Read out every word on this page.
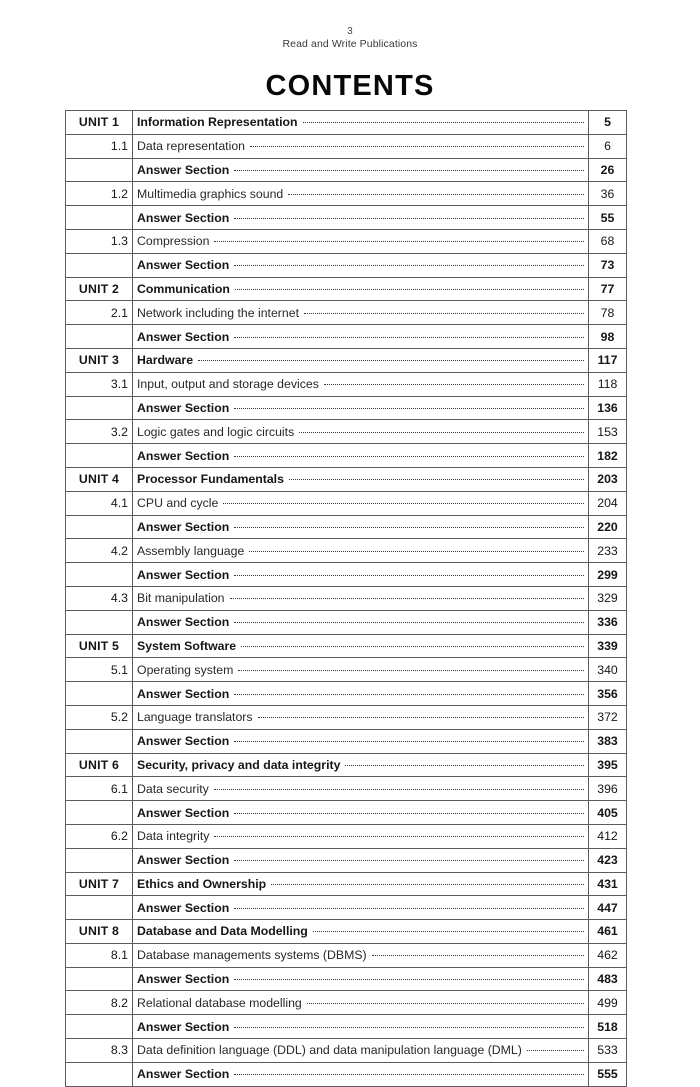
3
Read and Write Publications
CONTENTS
UNIT 1	Information Representation	5
1.1	Data representation	6

	Answer Section	26
1.2	Multimedia graphics sound	36

	Answer Section	55
1.3	Compression	68

	Answer Section	73
UNIT 2	Communication	77
2.1	Network including the internet	78

	Answer Section	98
UNIT 3	Hardware	117
3.1	Input, output and storage devices	118

	Answer Section	136
3.2	Logic gates and logic circuits	153

	Answer Section	182
UNIT 4	Processor Fundamentals	203
4.1	CPU and cycle	204

	Answer Section	220
4.2	Assembly language	233

	Answer Section	299
4.3	Bit manipulation	329

	Answer Section	336
UNIT 5	System Software	339
5.1	Operating system	340

	Answer Section	356
5.2	Language translators	372

	Answer Section	383
UNIT 6	Security, privacy and data integrity	395
6.1	Data security	396

	Answer Section	405
6.2	Data integrity	412

	Answer Section	423
UNIT 7	Ethics and Ownership	431

	Answer Section	447
UNIT 8	Database and Data Modelling	461
8.1	Database managements systems (DBMS)	462

	Answer Section	483
8.2	Relational database modelling	499

	Answer Section	518
8.3	Data definition language (DDL) and data manipulation language (DML)	533

	Answer Section	555
